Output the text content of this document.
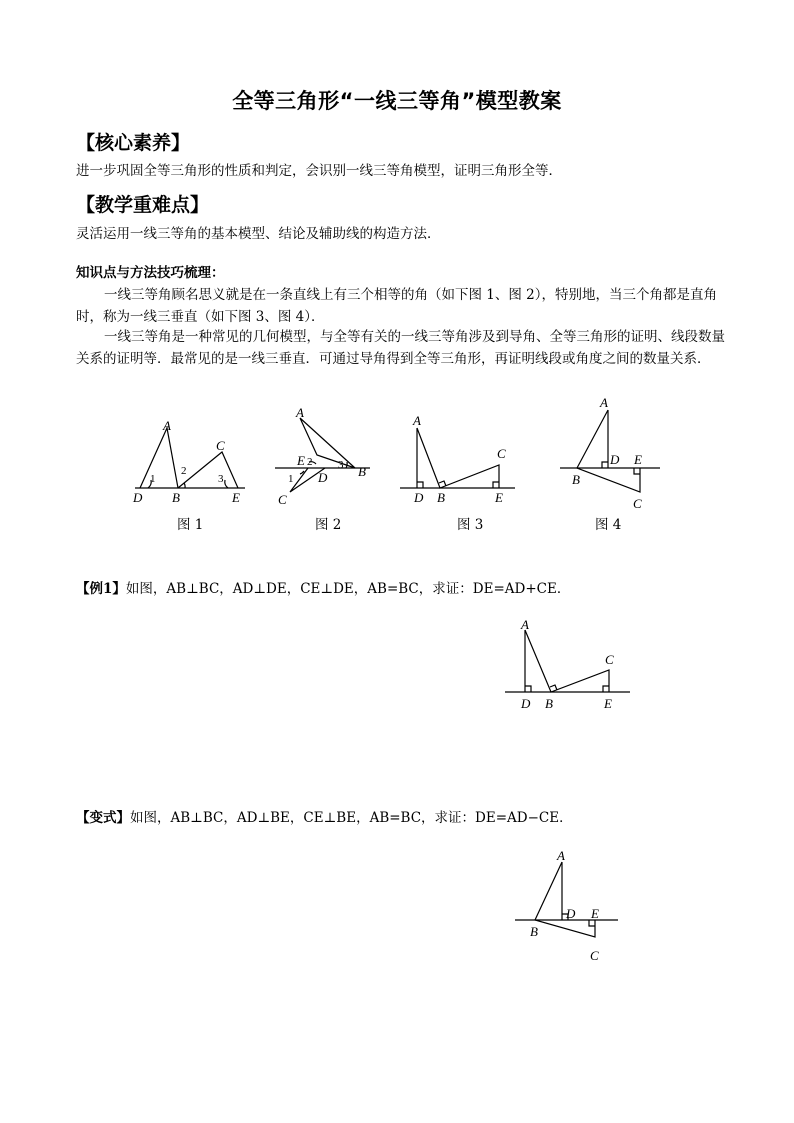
全等三角形“一线三等角”模型教案
【核心素养】
进一步巩固全等三角形的性质和判定，会识别一线三等角模型，证明三角形全等．
【教学重难点】
灵活运用一线三等角的基本模型、结论及辅助线的构造方法．
知识点与方法技巧梳理：
一线三等角顾名思义就是在一条直线上有三个相等的角（如下图 1、图 2），特别地，当三个角都是直角时，称为一线三垂直（如下图 3、图 4）．
一线三等角是一种常见的几何模型，与全等有关的一线三等角涉及到导角、全等三角形的证明、线段数量关系的证明等．最常见的是一线三垂直．可通过导角得到全等三角形，再证明线段或角度之间的数量关系．
A
D B
C
E
1
2
3
图 1
A
B
C
D
E
1
2 3
图 2
A
D B
C
E
图 3
A
B
C
D E
图 4
【例1】如图，AB⊥BC，AD⊥DE，CE⊥DE，AB=BC，求证：DE=AD+CE．
A
D B
C
E
【变式】如图，AB⊥BC，AD⊥BE，CE⊥BE，AB=BC，求证：DE=AD−CE．
A
B
C
D E
